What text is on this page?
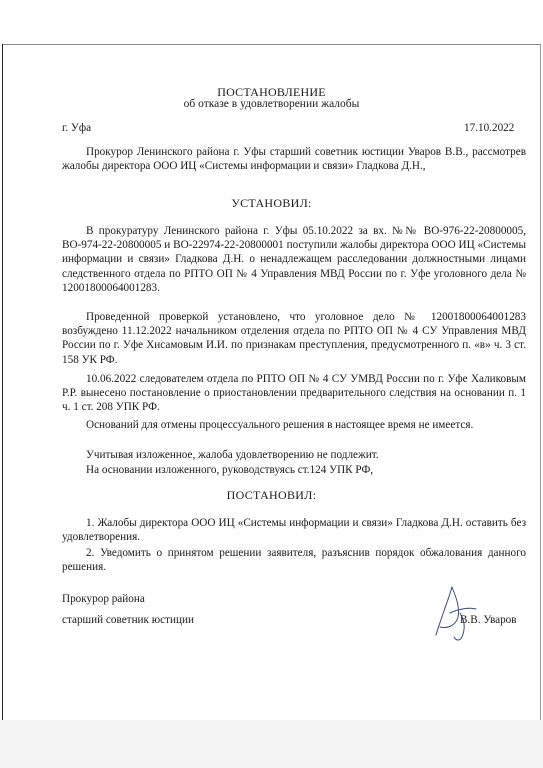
ПОСТАНОВЛЕНИЕ
об отказе в удовлетворении жалобы
г. Уфа	17.10.2022
Прокурор Ленинского района г. Уфы старший советник юстиции Уваров В.В., рассмотрев жалобы директора ООО ИЦ «Системы информации и связи» Гладкова Д.Н.,
УСТАНОВИЛ:
В прокуратуру Ленинского района г. Уфы 05.10.2022 за вх. №№ ВО-976-22-20800005, ВО-974-22-20800005 и ВО-22974-22-20800001 поступили жалобы директора ООО ИЦ «Системы информации и связи» Гладкова Д.Н. о ненадлежащем расследовании должностными лицами следственного отдела по РПТО ОП № 4 Управления МВД России по г. Уфе уголовного дела № 12001800064001283.
Проведенной проверкой установлено, что уголовное дело № 12001800064001283 возбуждено 11.12.2022 начальником отделения отдела по РПТО ОП № 4 СУ Управления МВД России по г. Уфе Хисамовым И.И. по признакам преступления, предусмотренного п. «в» ч. 3 ст. 158 УК РФ.
10.06.2022 следователем отдела по РПТО ОП № 4 СУ УМВД России по г. Уфе Халиковым Р.Р. вынесено постановление о приостановлении предварительного следствия на основании п. 1 ч. 1 ст. 208 УПК РФ.
Оснований для отмены процессуального решения в настоящее время не имеется.
Учитывая изложенное, жалоба удовлетворению не подлежит.
На основании изложенного, руководствуясь ст.124 УПК РФ,
ПОСТАНОВИЛ:
1. Жалобы директора ООО ИЦ «Системы информации и связи» Гладкова Д.Н. оставить без удовлетворения.
2. Уведомить о принятом решении заявителя, разъяснив порядок обжалования данного решения.
Прокурор района
старший советник юстиции	В.В. Уваров
